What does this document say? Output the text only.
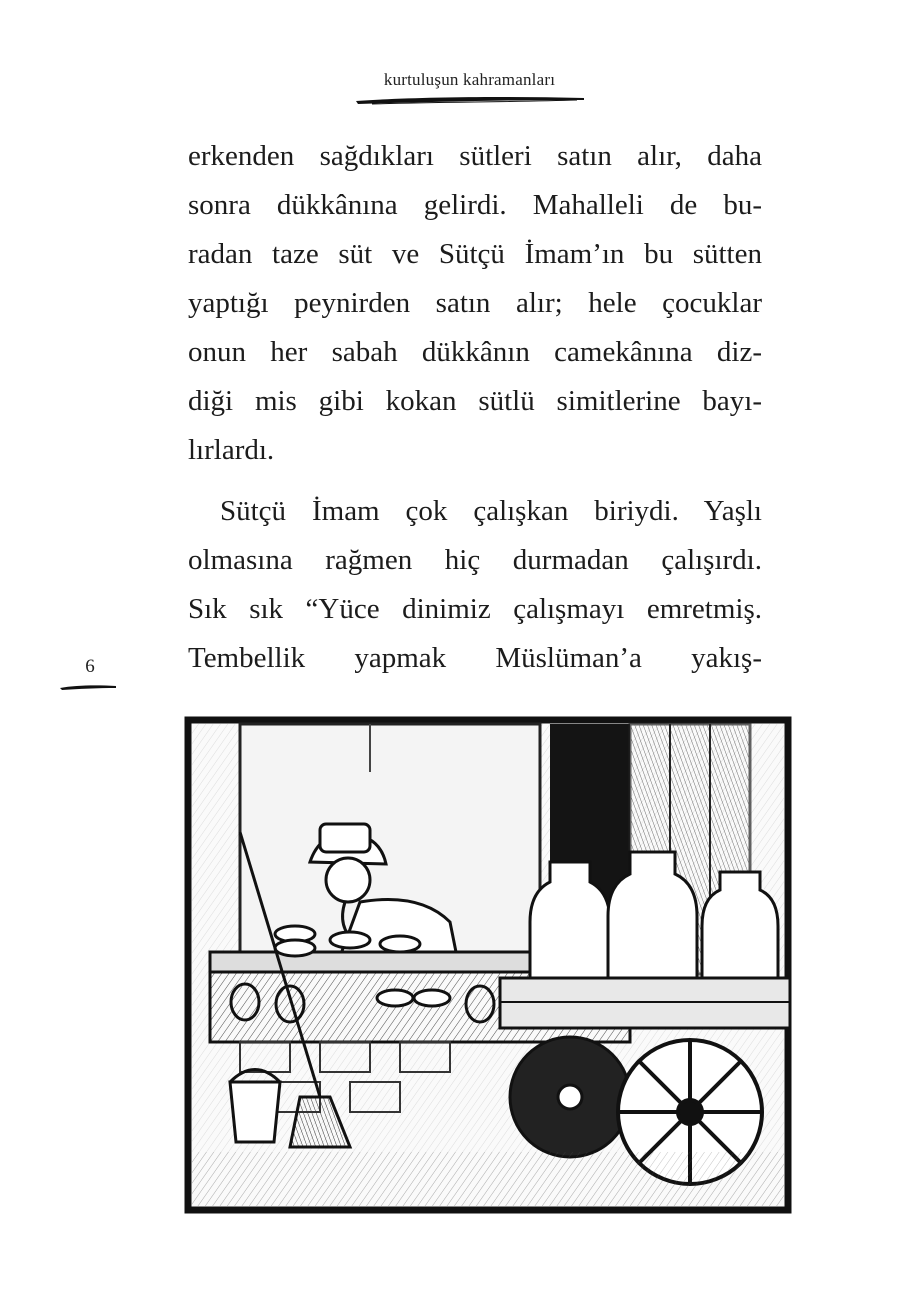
kurtuluşun kahramanları
erkenden sağdıkları sütleri satın alır, daha
sonra dükkânına gelirdi. Mahalleli de bu-
radan taze süt ve Sütçü İmam’ın bu sütten
yaptığı peynirden satın alır; hele çocuklar
onun her sabah dükkânın camekânına diz-
diği mis gibi kokan sütlü simitlerine bayı-
lırlardı.
Sütçü İmam çok çalışkan biriydi. Yaşlı
olmasına rağmen hiç durmadan çalışırdı.
Sık sık “Yüce dinimiz çalışmayı emretmiş.
Tembellik yapmak Müslüman’a yakış-
6
